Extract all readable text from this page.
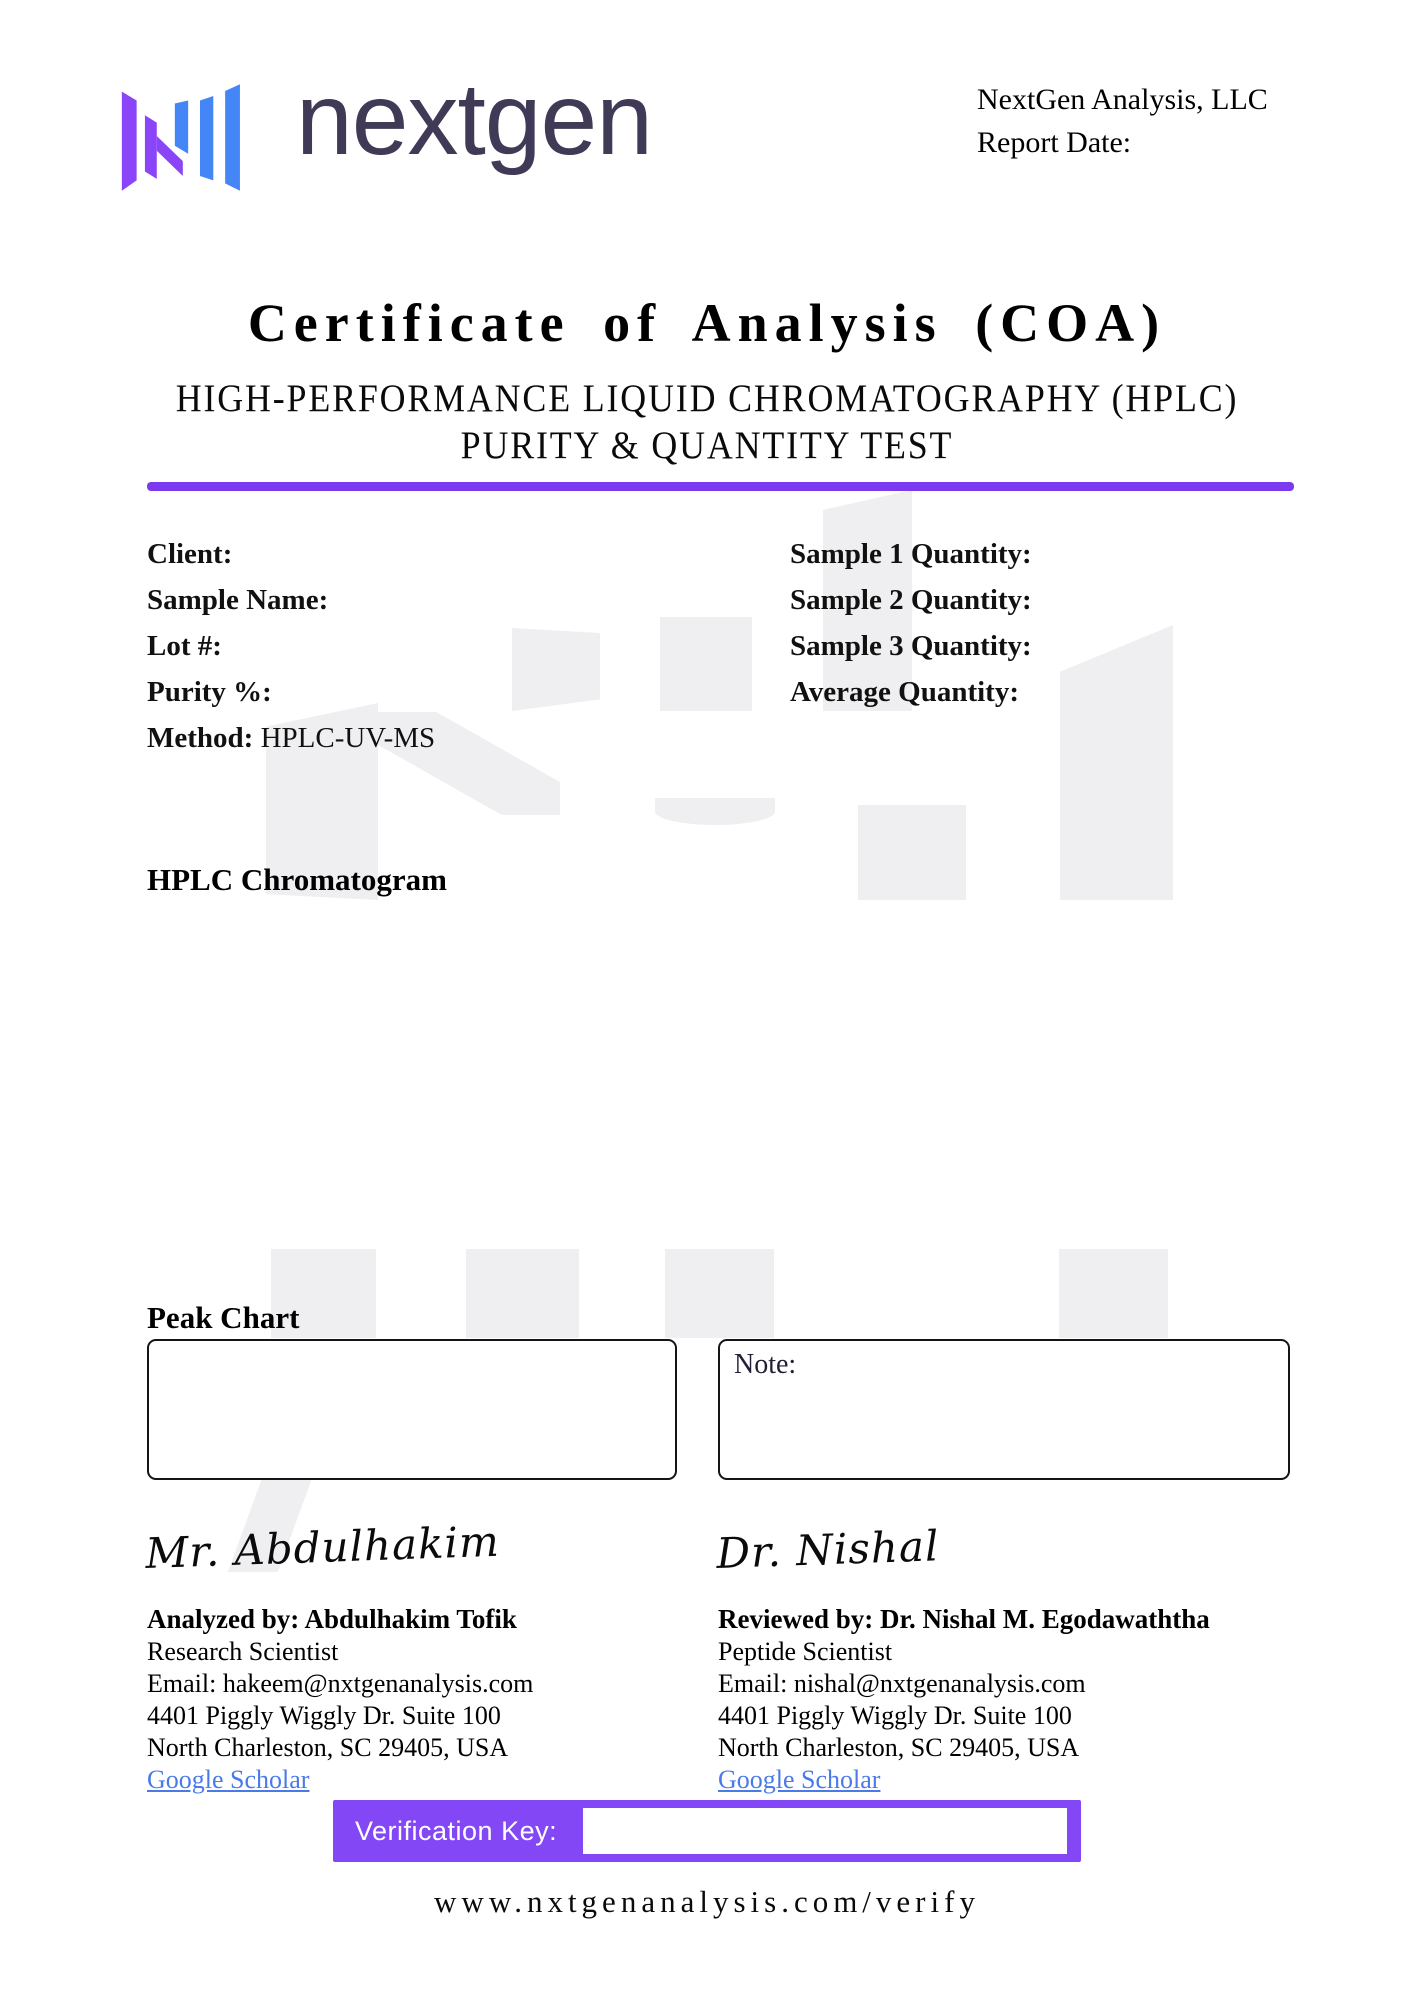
nextgen	NextGen Analysis, LLC
Report Date:
Certificate of Analysis (COA)
HIGH-PERFORMANCE LIQUID CHROMATOGRAPHY (HPLC)
PURITY & QUANTITY TEST
Client:
Sample Name:
Lot #:
Purity %:
Method: HPLC-UV-MS
Sample 1 Quantity:
Sample 2 Quantity:
Sample 3 Quantity:
Average Quantity:
HPLC Chromatogram
Peak Chart
Note:
Mr. Abdulhakim
Analyzed by: Abdulhakim Tofik
Research Scientist
Email: hakeem@nxtgenanalysis.com
4401 Piggly Wiggly Dr. Suite 100
North Charleston, SC 29405, USA
Google Scholar
Dr. Nishal
Reviewed by: Dr. Nishal M. Egodawaththa
Peptide Scientist
Email: nishal@nxtgenanalysis.com
4401 Piggly Wiggly Dr. Suite 100
North Charleston, SC 29405, USA
Google Scholar
Verification Key:
www.nxtgenanalysis.com/verify
